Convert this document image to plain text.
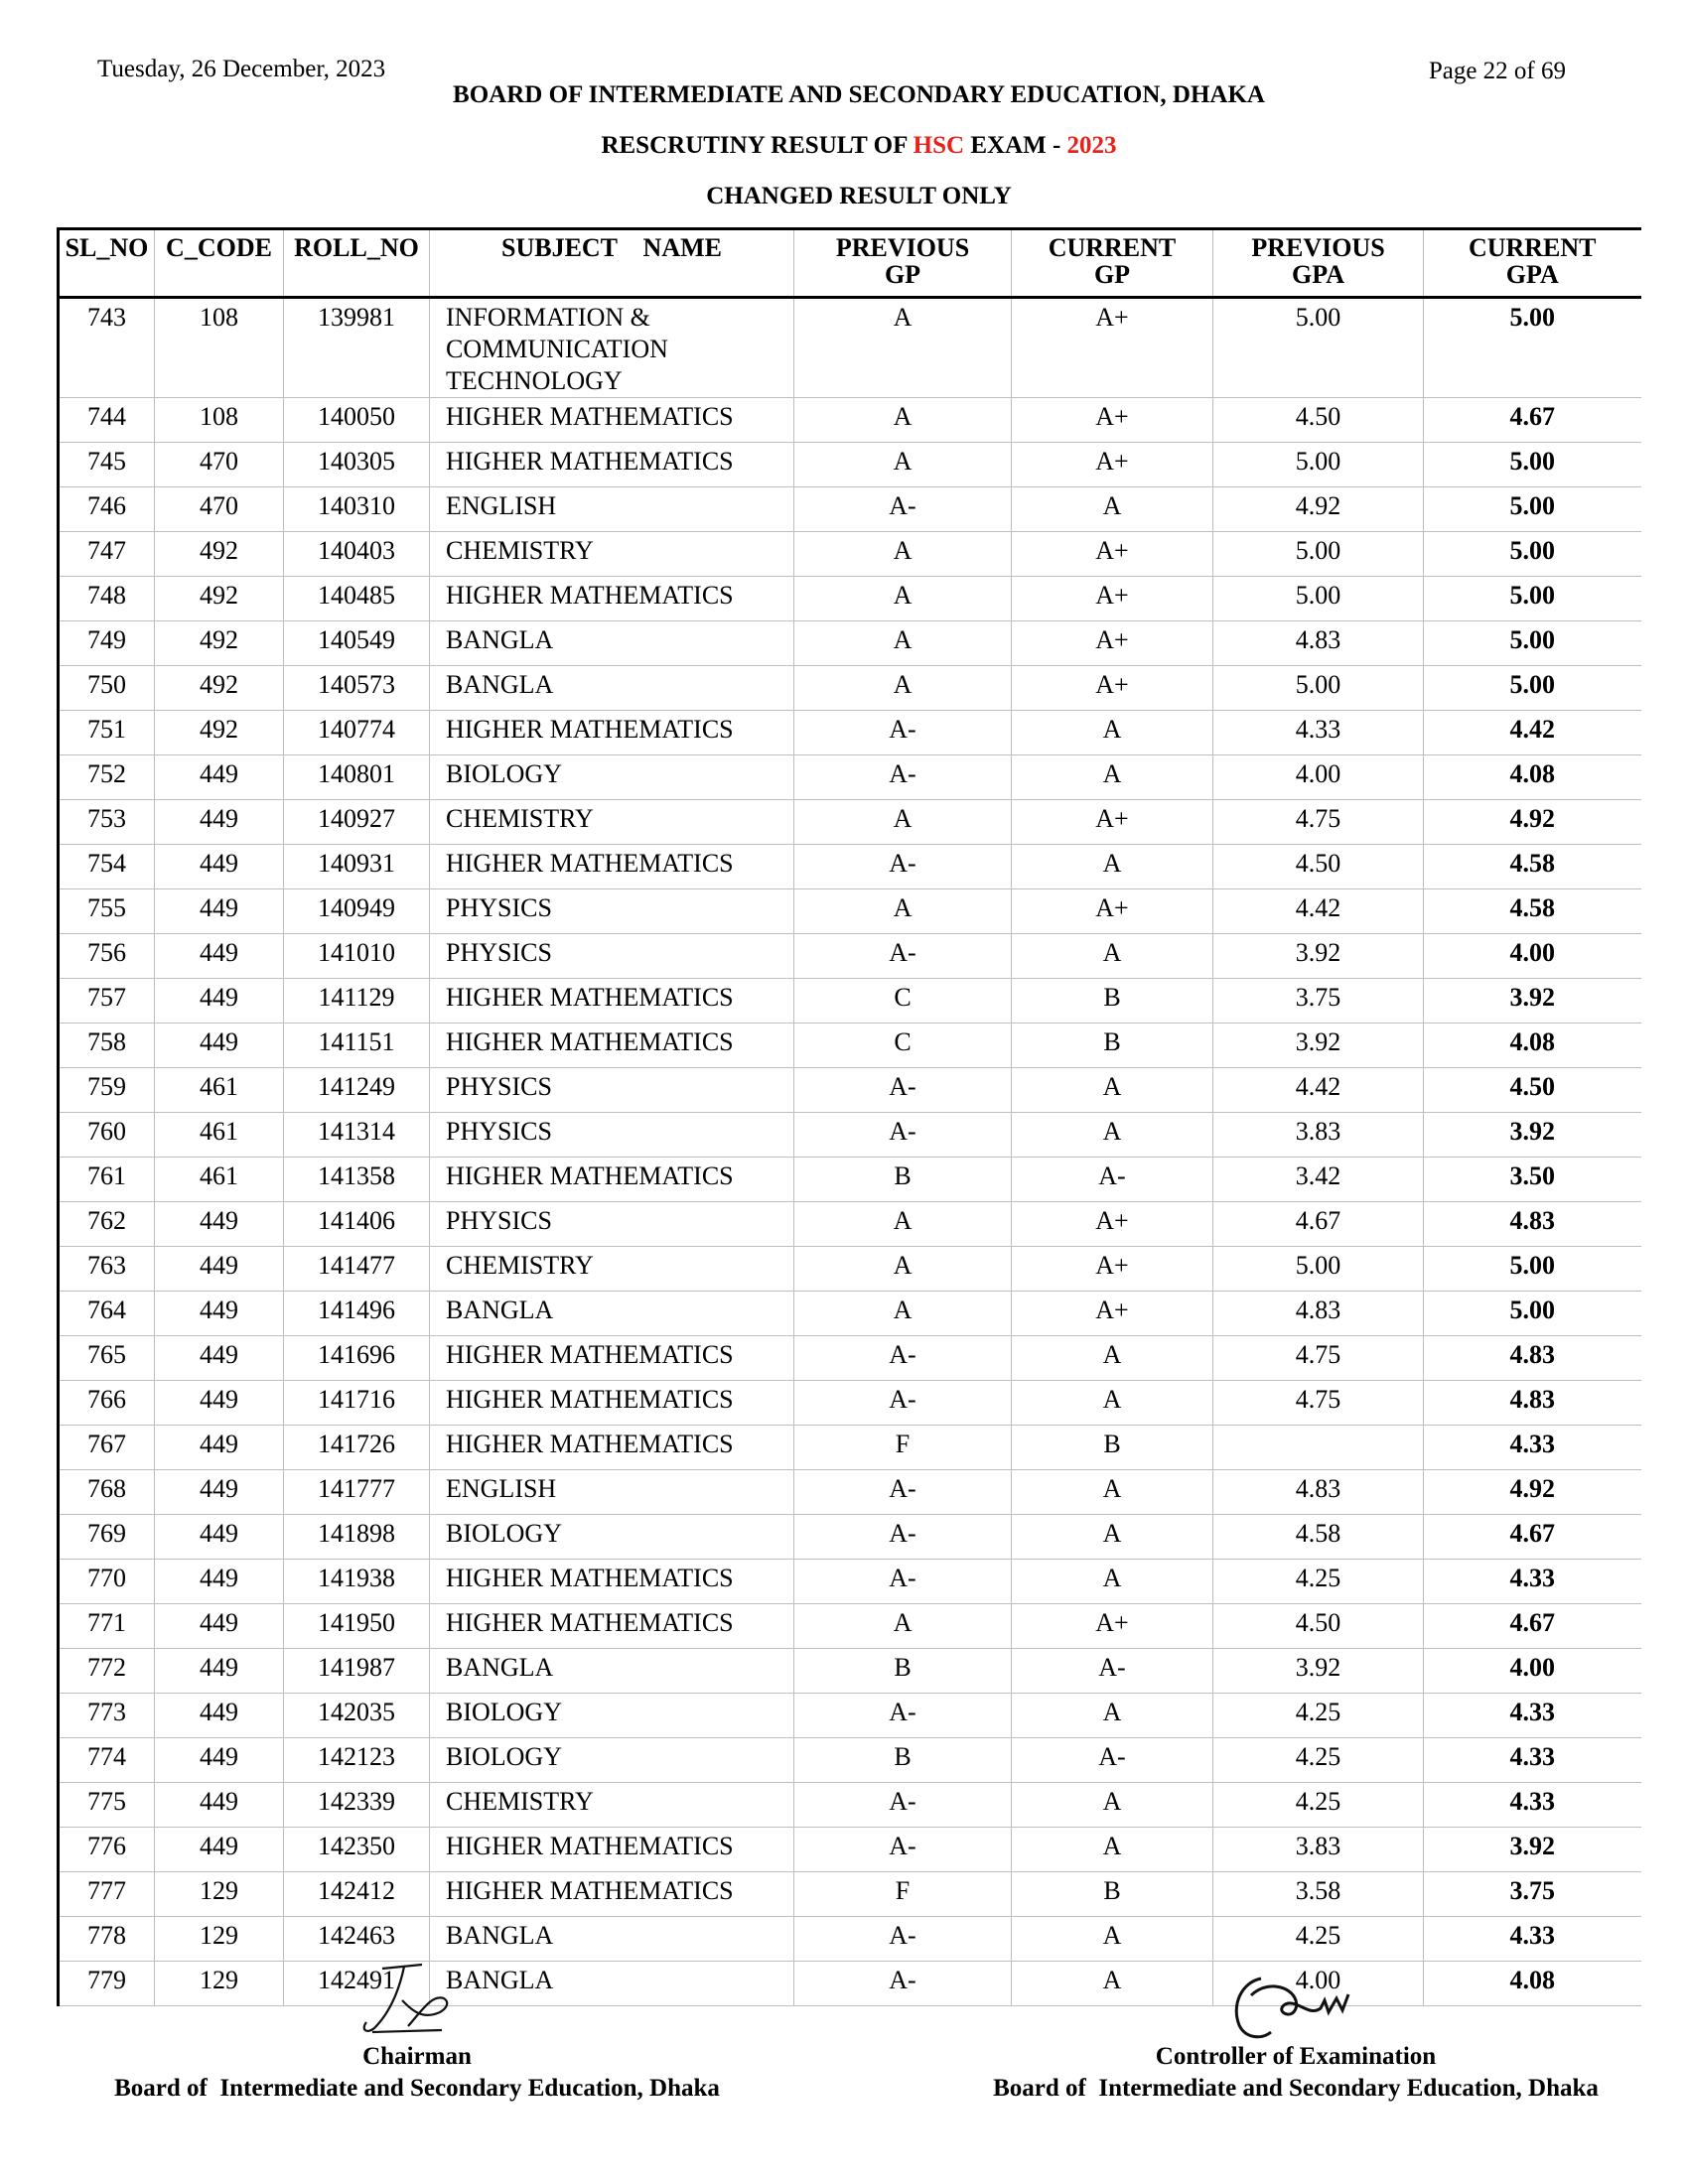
Tuesday, 26 December, 2023	Page 22 of 69
BOARD OF INTERMEDIATE AND SECONDARY EDUCATION, DHAKA
RESCRUTINY RESULT OF HSC EXAM - 2023
CHANGED RESULT ONLY
SL_NO	C_CODE	ROLL_NO	SUBJECT    NAME	PREVIOUS GP	CURRENT GP	PREVIOUS GPA	CURRENT GPA
743	108	139981	INFORMATION & COMMUNICATION TECHNOLOGY	A	A+	5.00	5.00
744	108	140050	HIGHER MATHEMATICS	A	A+	4.50	4.67
745	470	140305	HIGHER MATHEMATICS	A	A+	5.00	5.00
746	470	140310	ENGLISH	A-	A	4.92	5.00
747	492	140403	CHEMISTRY	A	A+	5.00	5.00
748	492	140485	HIGHER MATHEMATICS	A	A+	5.00	5.00
749	492	140549	BANGLA	A	A+	4.83	5.00
750	492	140573	BANGLA	A	A+	5.00	5.00
751	492	140774	HIGHER MATHEMATICS	A-	A	4.33	4.42
752	449	140801	BIOLOGY	A-	A	4.00	4.08
753	449	140927	CHEMISTRY	A	A+	4.75	4.92
754	449	140931	HIGHER MATHEMATICS	A-	A	4.50	4.58
755	449	140949	PHYSICS	A	A+	4.42	4.58
756	449	141010	PHYSICS	A-	A	3.92	4.00
757	449	141129	HIGHER MATHEMATICS	C	B	3.75	3.92
758	449	141151	HIGHER MATHEMATICS	C	B	3.92	4.08
759	461	141249	PHYSICS	A-	A	4.42	4.50
760	461	141314	PHYSICS	A-	A	3.83	3.92
761	461	141358	HIGHER MATHEMATICS	B	A-	3.42	3.50
762	449	141406	PHYSICS	A	A+	4.67	4.83
763	449	141477	CHEMISTRY	A	A+	5.00	5.00
764	449	141496	BANGLA	A	A+	4.83	5.00
765	449	141696	HIGHER MATHEMATICS	A-	A	4.75	4.83
766	449	141716	HIGHER MATHEMATICS	A-	A	4.75	4.83
767	449	141726	HIGHER MATHEMATICS	F	B		4.33
768	449	141777	ENGLISH	A-	A	4.83	4.92
769	449	141898	BIOLOGY	A-	A	4.58	4.67
770	449	141938	HIGHER MATHEMATICS	A-	A	4.25	4.33
771	449	141950	HIGHER MATHEMATICS	A	A+	4.50	4.67
772	449	141987	BANGLA	B	A-	3.92	4.00
773	449	142035	BIOLOGY	A-	A	4.25	4.33
774	449	142123	BIOLOGY	B	A-	4.25	4.33
775	449	142339	CHEMISTRY	A-	A	4.25	4.33
776	449	142350	HIGHER MATHEMATICS	A-	A	3.83	3.92
777	129	142412	HIGHER MATHEMATICS	F	B	3.58	3.75
778	129	142463	BANGLA	A-	A	4.25	4.33
779	129	142491	BANGLA	A-	A	4.00	4.08
Chairman
Board of  Intermediate and Secondary Education, Dhaka
Controller of Examination
Board of  Intermediate and Secondary Education, Dhaka
